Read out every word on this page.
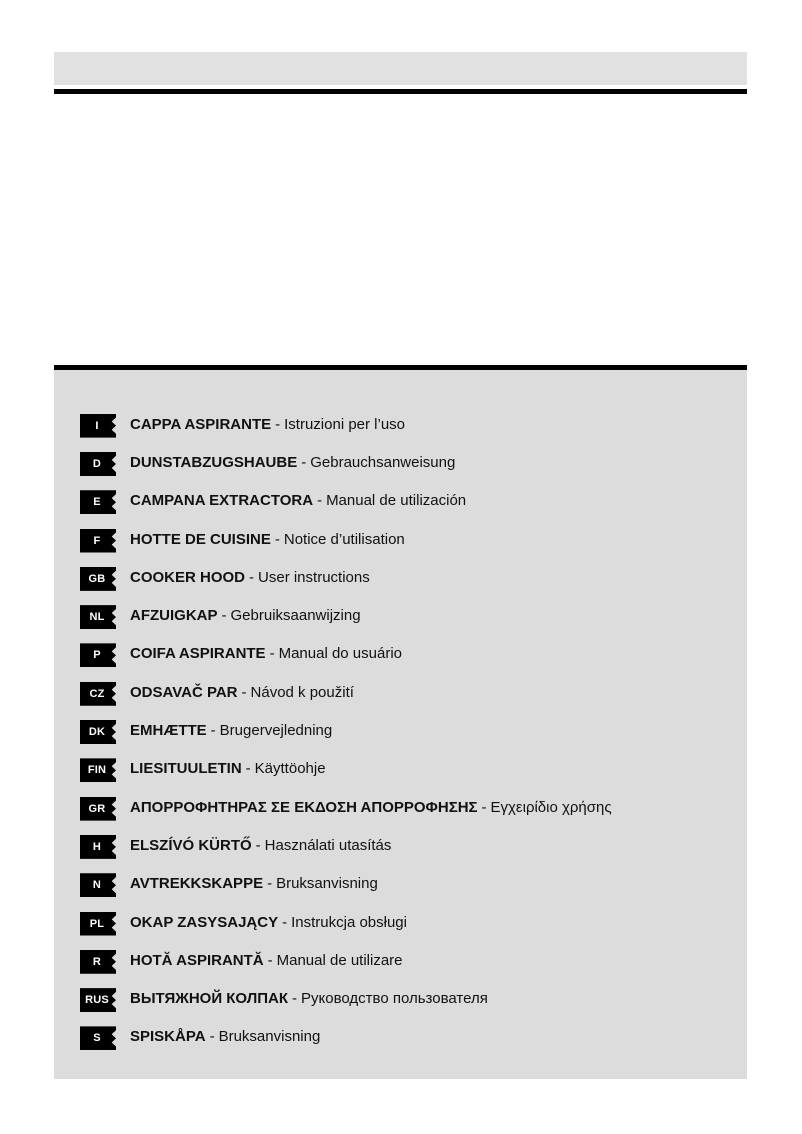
I	CAPPA ASPIRANTE - Istruzioni per l’uso
D	DUNSTABZUGSHAUBE - Gebrauchsanweisung
E	CAMPANA EXTRACTORA - Manual de utilización
F	HOTTE DE CUISINE - Notice d’utilisation
GB	COOKER HOOD - User instructions
NL	AFZUIGKAP - Gebruiksaanwijzing
P	COIFA ASPIRANTE - Manual do usuário
CZ	ODSAVAČ PAR - Návod k použití
DK	EMHÆTTE - Brugervejledning
FIN	LIESITUULETIN - Käyttöohje
GR	ΑΠΟΡΡΟΦΗΤΗΡΑΣ ΣΕ ΕΚΔΟΣΗ ΑΠΟΡΡΟΦΗΣΗΣ - Εγχειρίδιο χρήσης
H	ELSZÍVÓ KÜRTŐ - Használati utasítás
N	AVTREKKSKAPPE - Bruksanvisning
PL	OKAP ZASYSAJĄCY - Instrukcja obsługi
R	HOTĂ ASPIRANTĂ - Manual de utilizare
RUS	ВЫТЯЖНОЙ КОЛПАК - Руководство пользователя
S	SPISKÅPA - Bruksanvisning
